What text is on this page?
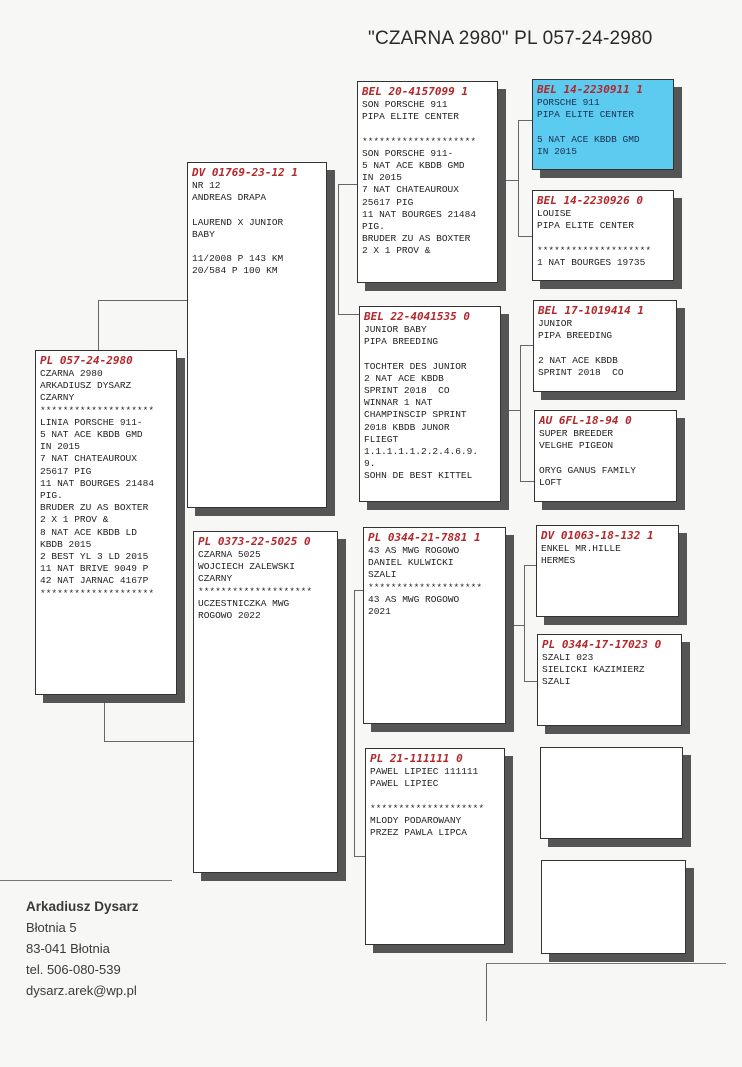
"CZARNA 2980" PL 057-24-2980
PL 057-24-2980
CZARNA 2980
ARKADIUSZ DYSARZ
CZARNY
********************
LINIA PORSCHE 911-
5 NAT ACE KBDB GMD
IN 2015
7 NAT CHATEAUROUX
25617 PIG
11 NAT BOURGES 21484
PIG.
BRUDER ZU AS BOXTER
2 X 1 PROV &
8 NAT ACE KBDB LD
KBDB 2015
2 BEST YL 3 LD 2015
11 NAT BRIVE 9049 P
42 NAT JARNAC 4167P
********************
DV 01769-23-12 1
NR 12
ANDREAS DRAPA

LAUREND X JUNIOR
BABY

11/2008 P 143 KM
20/584 P 100 KM
PL 0373-22-5025 0
CZARNA 5025
WOJCIECH ZALEWSKI
CZARNY
********************
UCZESTNICZKA MWG
ROGOWO 2022
BEL 20-4157099 1
SON PORSCHE 911
PIPA ELITE CENTER

********************
SON PORSCHE 911-
5 NAT ACE KBDB GMD
IN 2015
7 NAT CHATEAUROUX
25617 PIG
11 NAT BOURGES 21484
PIG.
BRUDER ZU AS BOXTER
2 X 1 PROV &
BEL 22-4041535 0
JUNIOR BABY
PIPA BREEDING

TOCHTER DES JUNIOR
2 NAT ACE KBDB
SPRINT 2018  CO
WINNAR 1 NAT
CHAMPINSCIP SPRINT
2018 KBDB JUNOR
FLIEGT
1.1.1.1.1.2.2.4.6.9.
9.
SOHN DE BEST KITTEL
PL 0344-21-7881 1
43 AS MWG ROGOWO
DANIEL KULWICKI
SZALI
********************
43 AS MWG ROGOWO
2021
PL 21-111111 0
PAWEL LIPIEC 111111
PAWEL LIPIEC

********************
MLODY PODAROWANY
PRZEZ PAWLA LIPCA
BEL 14-2230911 1
PORSCHE 911
PIPA ELITE CENTER

5 NAT ACE KBDB GMD
IN 2015
BEL 14-2230926 0
LOUISE
PIPA ELITE CENTER

********************
1 NAT BOURGES 19735
BEL 17-1019414 1
JUNIOR
PIPA BREEDING

2 NAT ACE KBDB
SPRINT 2018  CO
AU 6FL-18-94 0
SUPER BREEDER
VELGHE PIGEON

ORYG GANUS FAMILY
LOFT
DV 01063-18-132 1
ENKEL MR.HILLE
HERMES
PL 0344-17-17023 0
SZALI 023
SIELICKI KAZIMIERZ
SZALI
Arkadiusz Dysarz
Błotnia 5
83-041 Błotnia
tel. 506-080-539
dysarz.arek@wp.pl
